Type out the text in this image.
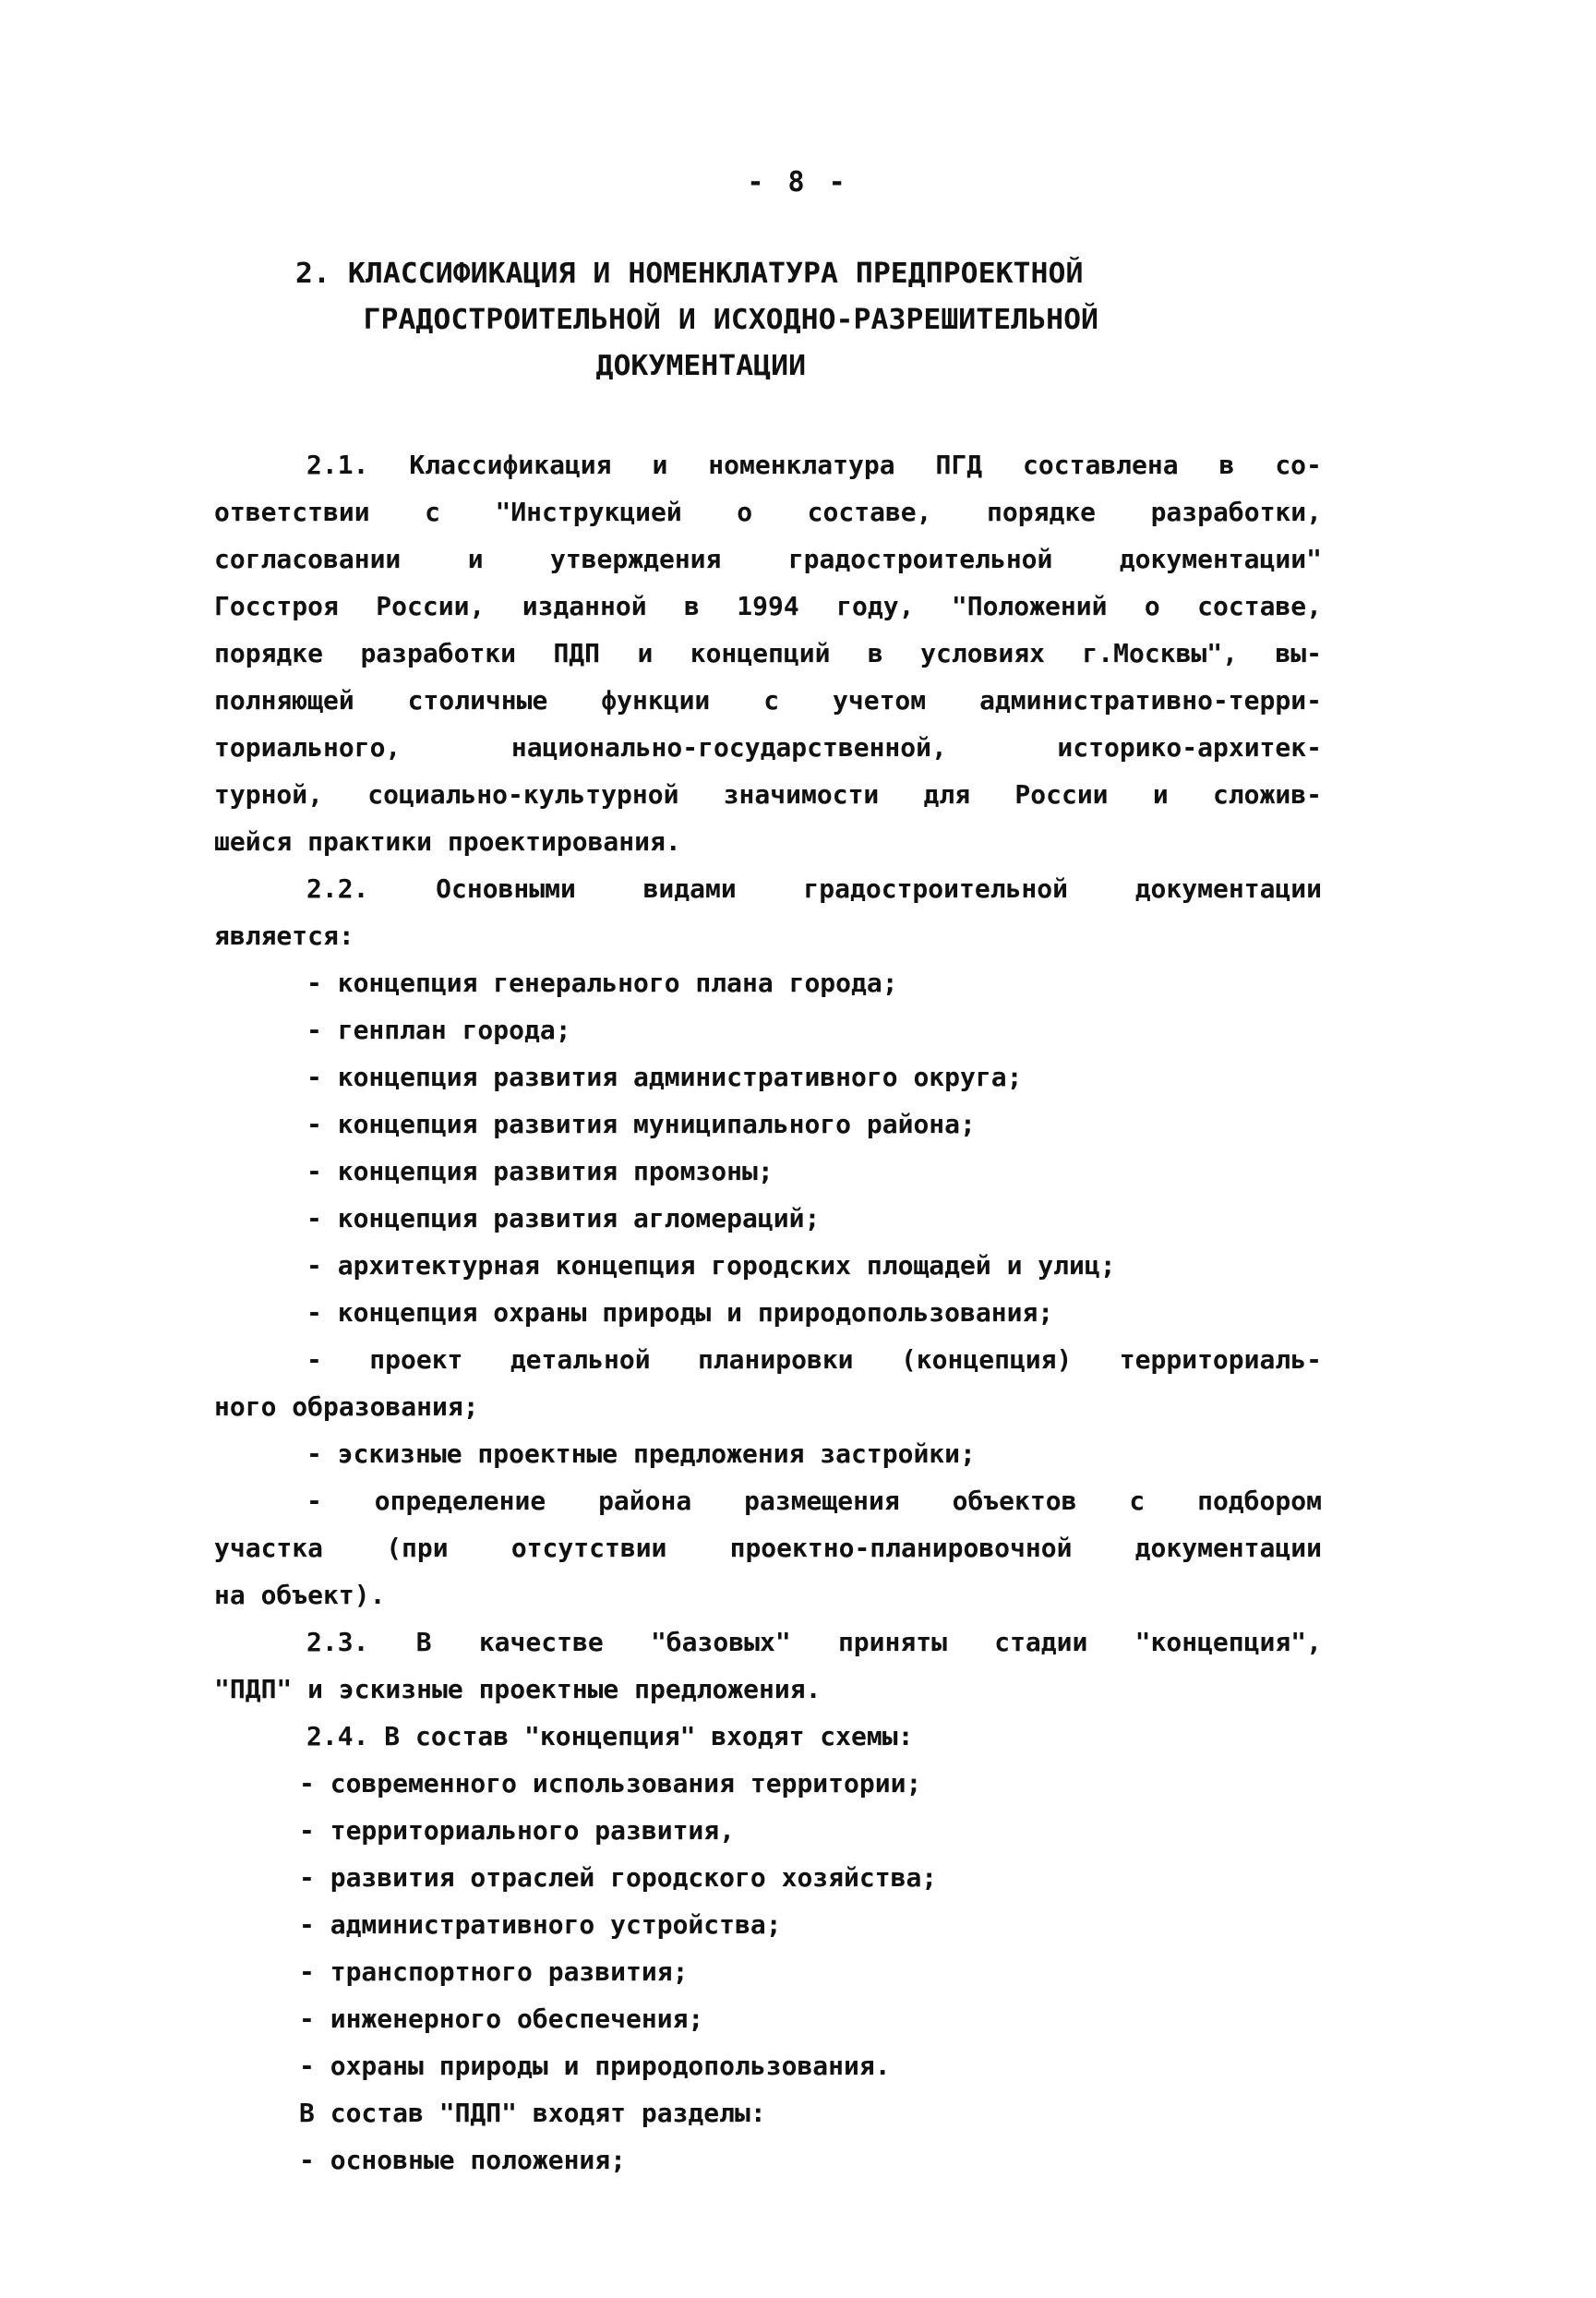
- 8 -
2. КЛАССИФИКАЦИЯ И НОМЕНКЛАТУРА ПРЕДПРОЕКТНОЙ
ГРАДОСТРОИТЕЛЬНОЙ И ИСХОДНО-РАЗРЕШИТЕЛЬНОЙ
ДОКУМЕНТАЦИИ
2.1. Классификация и номенклатура ПГД составлена в со-
ответствии с "Инструкцией о составе, порядке разработки,
согласовании	и	утверждения	градостроительной	документации"
Госстроя России, изданной в 1994 году, "Положений о составе,
порядке разработки ПДП и концепций в условиях г.Москвы", вы-
полняющей столичные функции с учетом административно-терри-
ториального,	национально-государственной,	историко-архитек-
турной, социально-культурной значимости для России и сложив-
шейся практики проектирования.
2.2.	Основными	видами	градостроительной	документации
является:
- концепция генерального плана города;
- генплан города;
- концепция развития административного округа;
- концепция развития муниципального района;
- концепция развития промзоны;
- концепция развития агломераций;
- архитектурная концепция городских площадей и улиц;
- концепция охраны природы и природопользования;
- проект детальной планировки (концепция) территориаль-
ного образования;
- эскизные проектные предложения застройки;
- определение района размещения объектов с подбором
участка (при отсутствии проектно-планировочной документации
на объект).
2.3. В качестве "базовых" приняты стадии "концепция",
"ПДП" и эскизные проектные предложения.
2.4. В состав "концепция" входят схемы:
- современного использования территории;
- территориального развития,
- развития отраслей городского хозяйства;
- административного устройства;
- транспортного развития;
- инженерного обеспечения;
- охраны природы и природопользования.
В состав "ПДП" входят разделы:
- основные положения;
